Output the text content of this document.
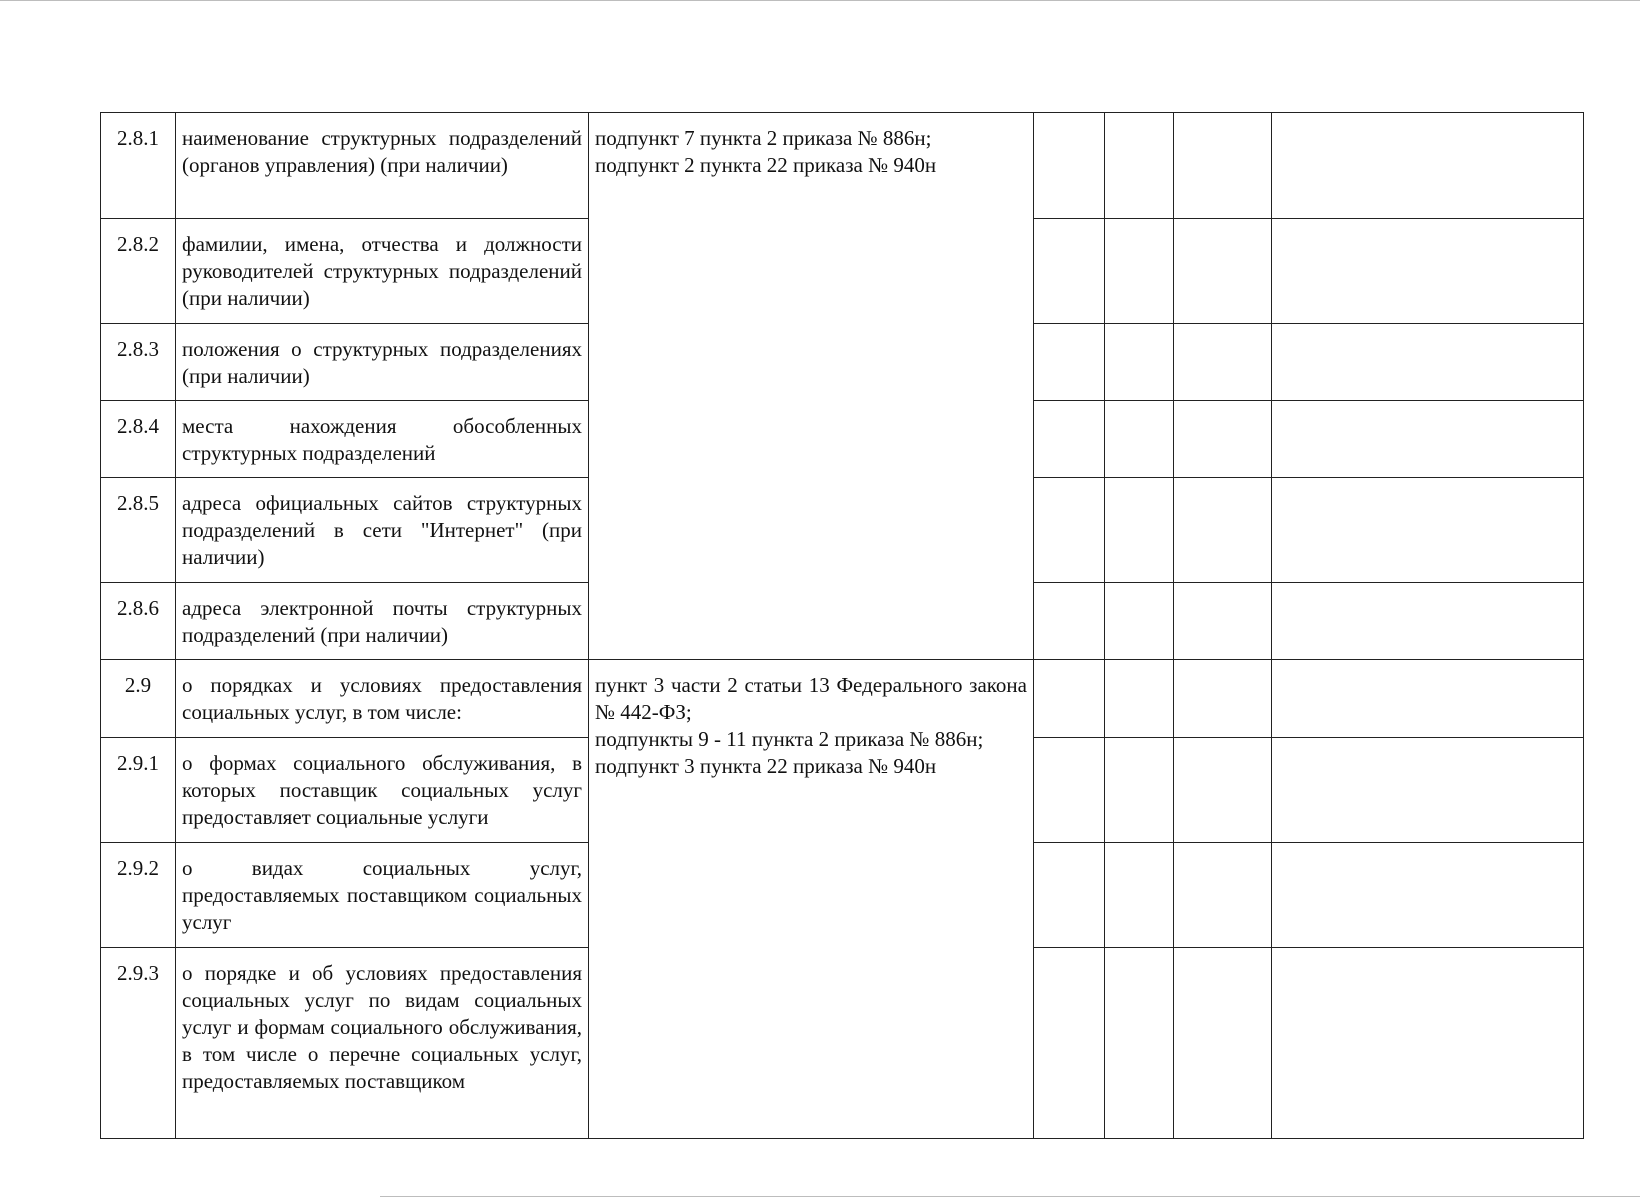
2.8.1	наименование структурных подразделений (органов управления) (при наличии)	подпункт 7 пункта 2 приказа № 886н;
подпункт 2 пункта 22 приказа № 940н				

2.8.2	фамилии, имена, отчества и должности руководителей структурных подразделений (при наличии)					
2.8.3	положения о структурных подразделениях (при наличии)					
2.8.4	места нахождения обособленных структурных подразделений					
2.8.5	адреса официальных сайтов структурных подразделений в сети "Интернет" (при наличии)					
2.8.6	адреса электронной почты структурных подразделений (при наличии)					
2.9	о порядках и условиях предоставления социальных услуг, в том числе:	пункт 3 части 2 статьи 13 Федерального закона № 442-ФЗ;
подпункты 9 - 11 пункта 2 приказа № 886н;
подпункт 3 пункта 22 приказа № 940н				

2.9.1	о формах социального обслуживания, в которых поставщик социальных услуг предоставляет социальные услуги					
2.9.2	о видах социальных услуг, предоставляемых поставщиком социальных услуг					
2.9.3	о порядке и об условиях предоставления социальных услуг по видам социальных услуг и формам социального обслуживания, в том числе о перечне социальных услуг, предоставляемых поставщиком					
